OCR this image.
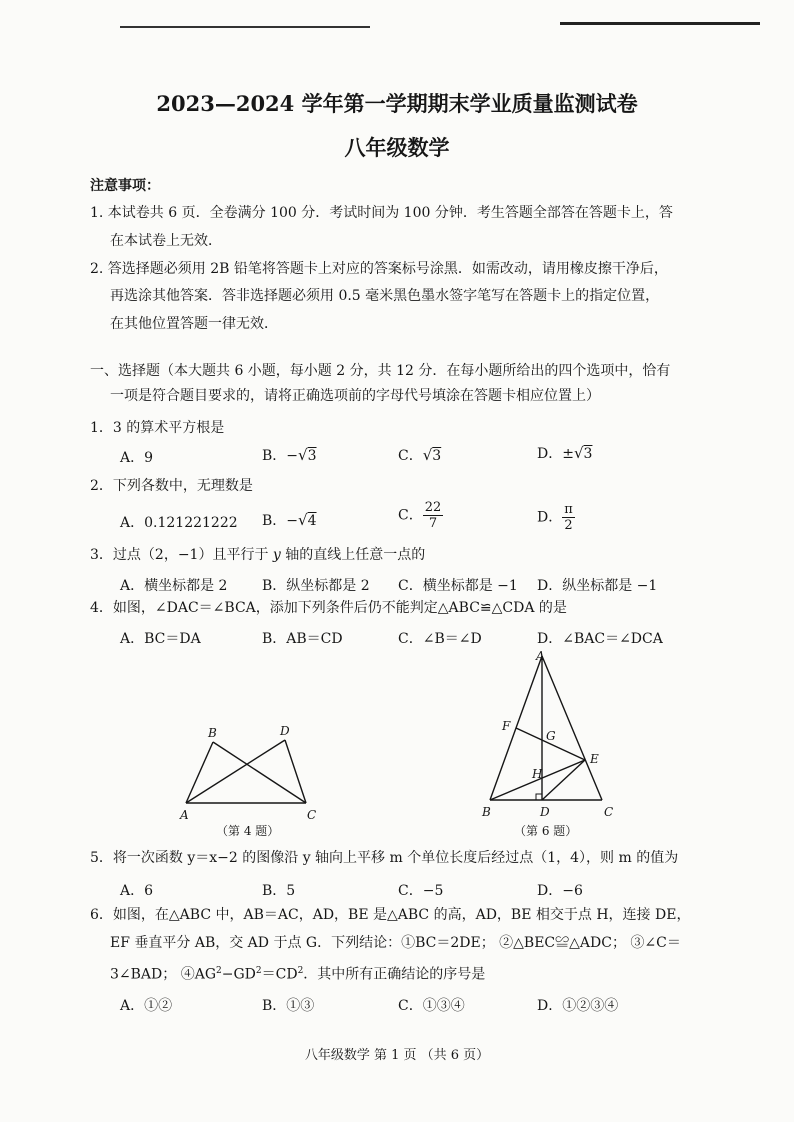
2023—2024 学年第一学期期末学业质量监测试卷
八年级数学
注意事项：
1. 本试卷共 6 页．全卷满分 100 分．考试时间为 100 分钟．考生答题全部答在答题卡上，答
在本试卷上无效．
2. 答选择题必须用 2B 铅笔将答题卡上对应的答案标号涂黑．如需改动，请用橡皮擦干净后，
再选涂其他答案．答非选择题必须用 0.5 毫米黑色墨水签字笔写在答题卡上的指定位置，
在其他位置答题一律无效．
一、选择题（本大题共 6 小题，每小题 2 分，共 12 分．在每小题所给出的四个选项中，恰有
一项是符合题目要求的，请将正确选项前的字母代号填涂在答题卡相应位置上）
1．3 的算术平方根是
A．9	B．−√3	C．√3	D．±√3
2．下列各数中，无理数是
A．0.121221222 B．−√4	C． $\frac{22}{7}$	D． $\frac{\pi}{2}$
3．过点（2，−1）且平行于 y 轴的直线上任意一点的
A．横坐标都是 2 B．纵坐标都是 2 C．横坐标都是 −1 D．纵坐标都是 −1
4．如图，∠DAC＝∠BCA，添加下列条件后仍不能判定△ABC≌△CDA 的是
A．BC＝DA	B．AB＝CD	C．∠B＝∠D	D．∠BAC＝∠DCA
B	D
A	C
（第 4 题）
A
F
G
H
E
B	D	C
（第 6 题）
5．将一次函数 y＝x−2 的图像沿 y 轴向上平移 m 个单位长度后经过点（1，4），则 m 的值为
A．6	B．5	C．−5	D．−6
6．如图，在△ABC 中，AB＝AC，AD，BE 是△ABC 的高，AD，BE 相交于点 H，连接 DE，
EF 垂直平分 AB，交 AD 于点 G．下列结论：①BC＝2DE； ②△BEC≌△ADC； ③∠C＝
3∠BAD； $④AG^2-GD^2=CD^2$．其中所有正确结论的序号是
A．①②	B．①③	C．①③④	D．①②③④
八年级数学 第 1 页 （共 6 页）
